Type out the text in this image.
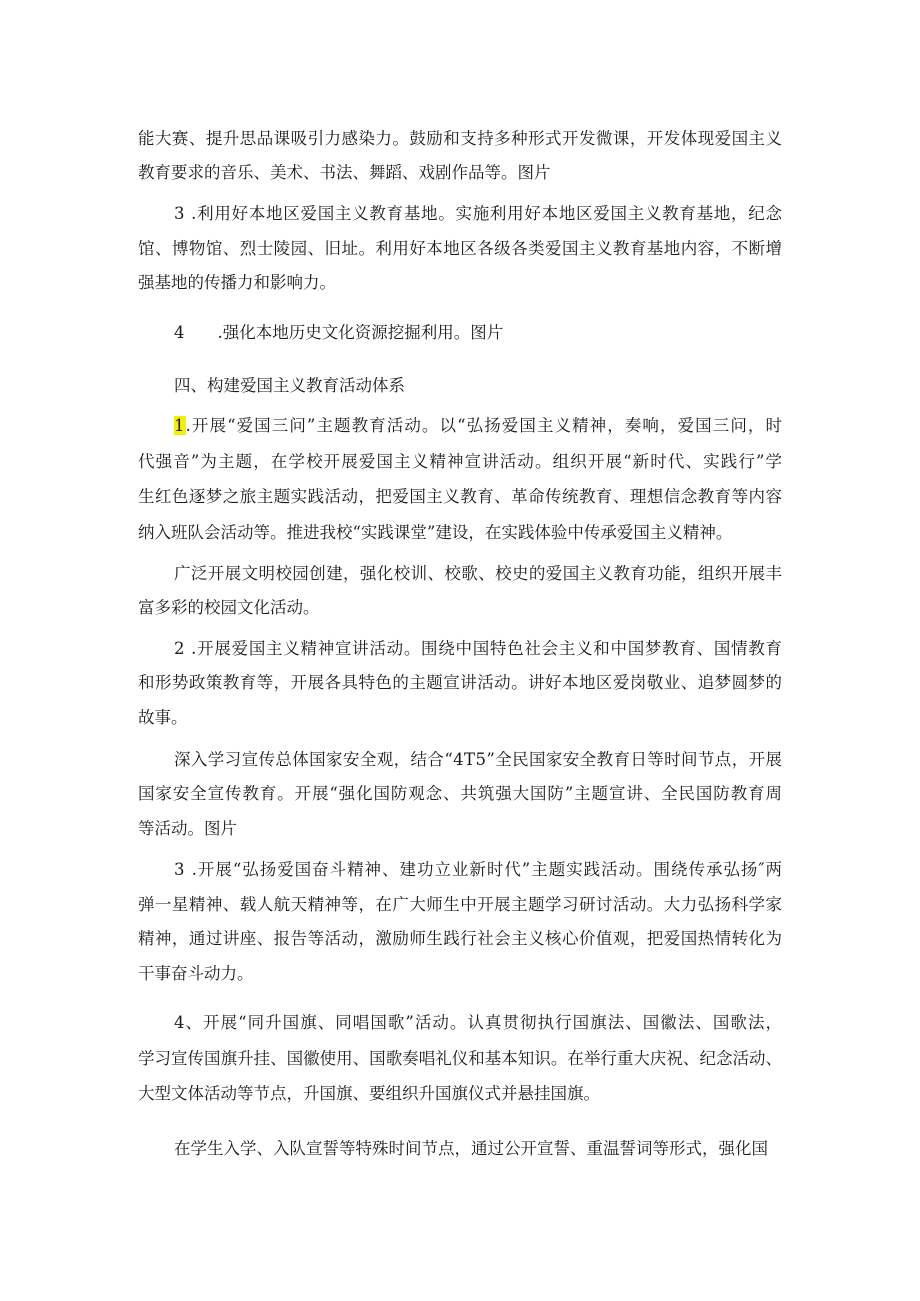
能大赛、提升思品课吸引力感染力。鼓励和支持多种形式开发微课，开发体现爱国主义
教育要求的音乐、美术、书法、舞蹈、戏剧作品等。图片
3 .利用好本地区爱国主义教育基地。实施利用好本地区爱国主义教育基地，纪念
馆、博物馆、烈士陵园、旧址。利用好本地区各级各类爱国主义教育基地内容，不断增
强基地的传播力和影响力。
4　　.强化本地历史文化资源挖掘利用。图片
四、构建爱国主义教育活动体系
1.开展“爱国三问”主题教育活动。以“弘扬爱国主义精神，奏响，爱国三问，时
代强音”为主题，在学校开展爱国主义精神宣讲活动。组织开展“新时代、实践行”学
生红色逐梦之旅主题实践活动，把爱国主义教育、革命传统教育、理想信念教育等内容
纳入班队会活动等。推进我校“实践课堂”建设，在实践体验中传承爱国主义精神。
广泛开展文明校园创建，强化校训、校歌、校史的爱国主义教育功能，组织开展丰
富多彩的校园文化活动。
2 .开展爱国主义精神宣讲活动。围绕中国特色社会主义和中国梦教育、国情教育
和形势政策教育等，开展各具特色的主题宣讲活动。讲好本地区爱岗敬业、追梦圆梦的
故事。
深入学习宣传总体国家安全观，结合“4T5”全民国家安全教育日等时间节点，开展
国家安全宣传教育。开展“强化国防观念、共筑强大国防”主题宣讲、全民国防教育周
等活动。图片
3 .开展“弘扬爱国奋斗精神、建功立业新时代”主题实践活动。围绕传承弘扬″两
弹一星精神、载人航天精神等，在广大师生中开展主题学习研讨活动。大力弘扬科学家
精神，通过讲座、报告等活动，激励师生践行社会主义核心价值观，把爱国热情转化为
干事奋斗动力。
4、开展“同升国旗、同唱国歌”活动。认真贯彻执行国旗法、国徽法、国歌法，
学习宣传国旗升挂、国徽使用、国歌奏唱礼仪和基本知识。在举行重大庆祝、纪念活动、
大型文体活动等节点，升国旗、要组织升国旗仪式并悬挂国旗。
在学生入学、入队宣誓等特殊时间节点，通过公开宣誓、重温誓词等形式，强化国
